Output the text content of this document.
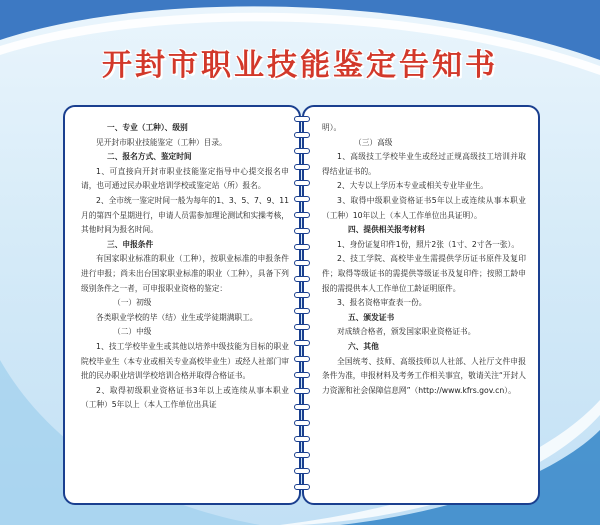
开封市职业技能鉴定告知书

一、专业（工种）、级别

见开封市职业技能鉴定（工种）目录。

二、报名方式、鉴定时间

1、可直接向开封市职业技能鉴定指导中心提交报名申请，也可通过民办职业培训学校或鉴定站（所）报名。

2、全市统一鉴定时间一般为每年的1、3、5、7、9、11月的第四个星期进行，申请人员需参加理论测试和实操考核，其他时间为报名时间。

三、申报条件

有国家职业标准的职业（工种），按职业标准的申报条件进行申报；尚未出台国家职业标准的职业（工种），具备下列级别条件之一者，可申报职业资格的鉴定：

（一）初级

各类职业学校的毕（结）业生或学徒期满职工。

（二）中级

1、技工学校毕业生或其他以培养中级技能为目标的职业院校毕业生（本专业或相关专业高校毕业生）或经人社部门审批的民办职业培训学校培训合格并取得合格证书。

2、取得初级职业资格证书3年以上或连续从事本职业（工种）5年以上（本人工作单位出具证

明）。

（三）高级

1、高级技工学校毕业生或经过正规高级技工培训并取得结业证书的。

2、大专以上学历本专业或相关专业毕业生。

3、取得中级职业资格证书5年以上或连续从事本职业（工种）10年以上（本人工作单位出具证明）。

四、提供相关报考材料

1、身份证复印件1份，照片2张（1寸、2寸各一张）。

2、技工学院、高校毕业生需提供学历证书原件及复印件；取得等级证书的需提供等级证书及复印件；按照工龄申报的需提供本人工作单位工龄证明原件。

3、报名资格审查表一份。

五、颁发证书

对成绩合格者，颁发国家职业资格证书。

六、其他

全国统考、技师、高级技师以人社部、人社厅文件申报条件为准，申报材料及考务工作相关事宜，敬请关注“开封人力资源和社会保障信息网”（http://www.kfrs.gov.cn）。
